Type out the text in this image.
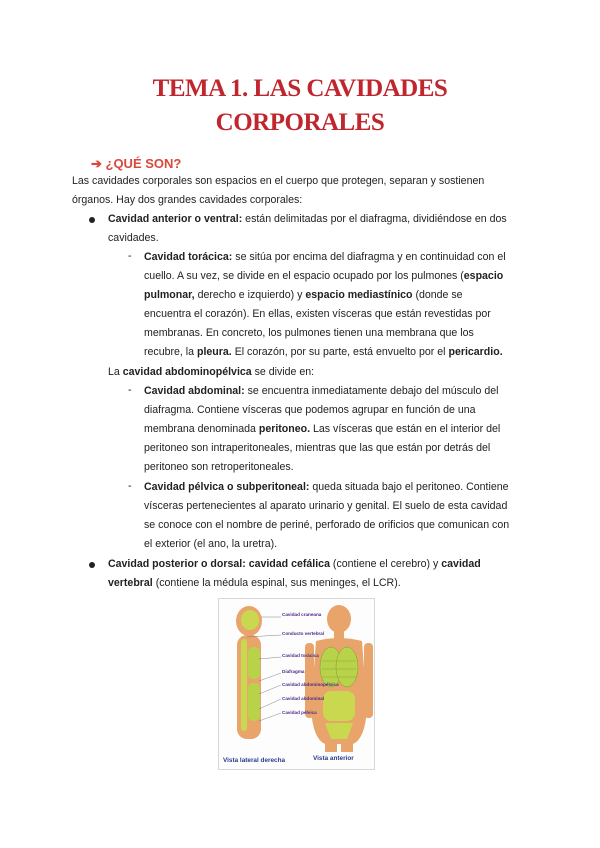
TEMA 1. LAS CAVIDADES
CORPORALES
➔ ¿QUÉ SON?
Las cavidades corporales son espacios en el cuerpo que protegen, separan y sostienen
órganos. Hay dos grandes cavidades corporales:
Cavidad anterior o ventral: están delimitadas por el diafragma, dividiéndose en dos
cavidades.
- Cavidad torácica: se sitúa por encima del diafragma y en continuidad con el
cuello. A su vez, se divide en el espacio ocupado por los pulmones (espacio
pulmonar, derecho e izquierdo) y espacio mediastínico (donde se
encuentra el corazón). En ellas, existen vísceras que están revestidas por
membranas. En concreto, los pulmones tienen una membrana que los
recubre, la pleura. El corazón, por su parte, está envuelto por el pericardio.
La cavidad abdominopélvica se divide en:
- Cavidad abdominal: se encuentra inmediatamente debajo del músculo del
diafragma. Contiene vísceras que podemos agrupar en función de una
membrana denominada peritoneo. Las vísceras que están en el interior del
peritoneo son intraperitoneales, mientras que las que están por detrás del
peritoneo son retroperitoneales.
- Cavidad pélvica o subperitoneal: queda situada bajo el peritoneo. Contiene
vísceras pertenecientes al aparato urinario y genital. El suelo de esta cavidad
se conoce con el nombre de periné, perforado de orificios que comunican con
el exterior (el ano, la uretra).
Cavidad posterior o dorsal: cavidad cefálica (contiene el cerebro) y cavidad
vertebral (contiene la médula espinal, sus meninges, el LCR).
Cavidad craneana
Conducto vertebral
Cavidad torácica
Diafragma
Cavidad abdominopélvica
Cavidad abdominal
Cavidad pélvica
Vista lateral derecha	Vista anterior
